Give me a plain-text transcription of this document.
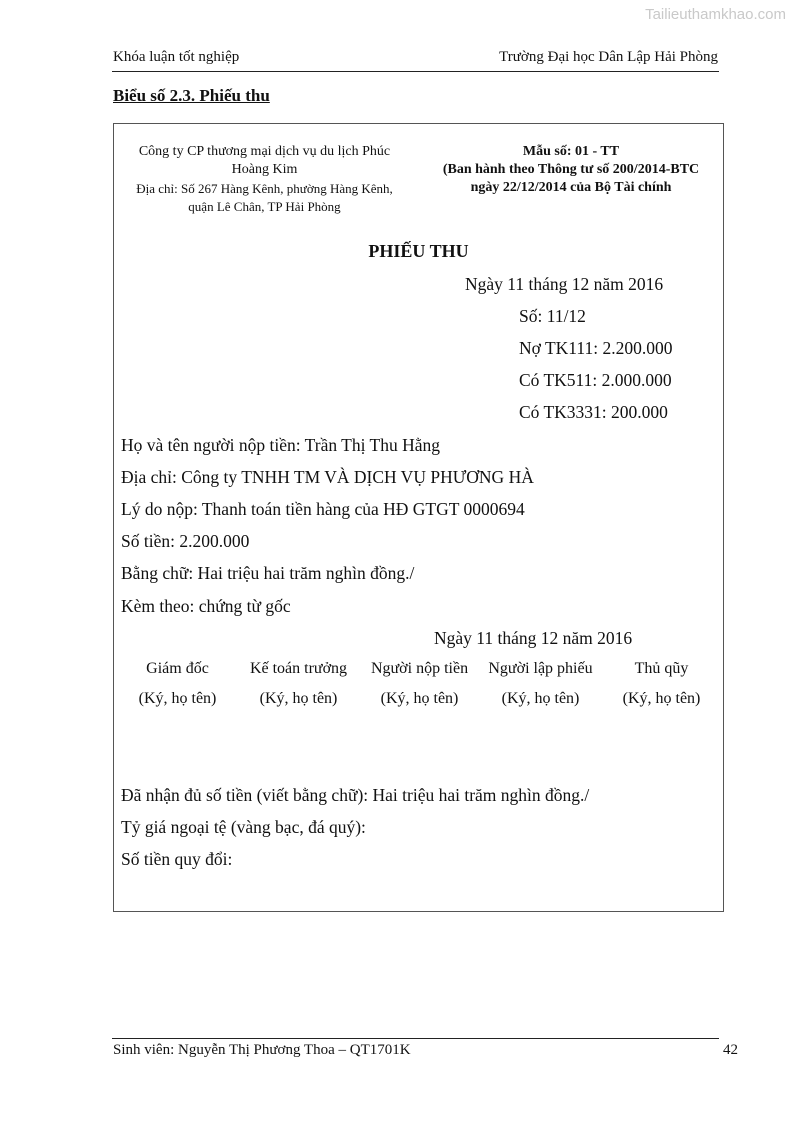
Tailieuthamkhao.com
Khóa luận tốt nghiệp	Trường Đại học Dân Lập Hải Phòng
Biểu số 2.3. Phiếu thu
Công ty CP thương mại dịch vụ du lịch Phúc
Hoàng Kim
Địa chỉ: Số 267 Hàng Kênh, phường Hàng Kênh,
quận Lê Chân, TP Hải Phòng
Mẫu số: 01 - TT
(Ban hành theo Thông tư số 200/2014-BTC
ngày 22/12/2014 của Bộ Tài chính
PHIẾU THU
Ngày 11 tháng 12 năm 2016
Số: 11/12
Nợ TK111: 2.200.000
Có TK511: 2.000.000
Có TK3331: 200.000
Họ và tên người nộp tiền: Trần Thị Thu Hằng
Địa chỉ: Công ty TNHH TM VÀ DỊCH VỤ PHƯƠNG HÀ
Lý do nộp: Thanh toán tiền hàng của HĐ GTGT 0000694
Số tiền: 2.200.000
Bằng chữ: Hai triệu hai trăm nghìn đồng./
Kèm theo: chứng từ gốc
Ngày 11 tháng 12 năm 2016
Giám đốc	Kế toán trưởng	Người nộp tiền	Người lập phiếu	Thủ qũy
(Ký, họ tên)	(Ký, họ tên)	(Ký, họ tên)	(Ký, họ tên)	(Ký, họ tên)
Đã nhận đủ số tiền (viết bằng chữ): Hai triệu hai trăm nghìn đồng./
Tỷ giá ngoại tệ (vàng bạc, đá quý):
Số tiền quy đổi:
Sinh viên: Nguyễn Thị Phương Thoa – QT1701K	42
